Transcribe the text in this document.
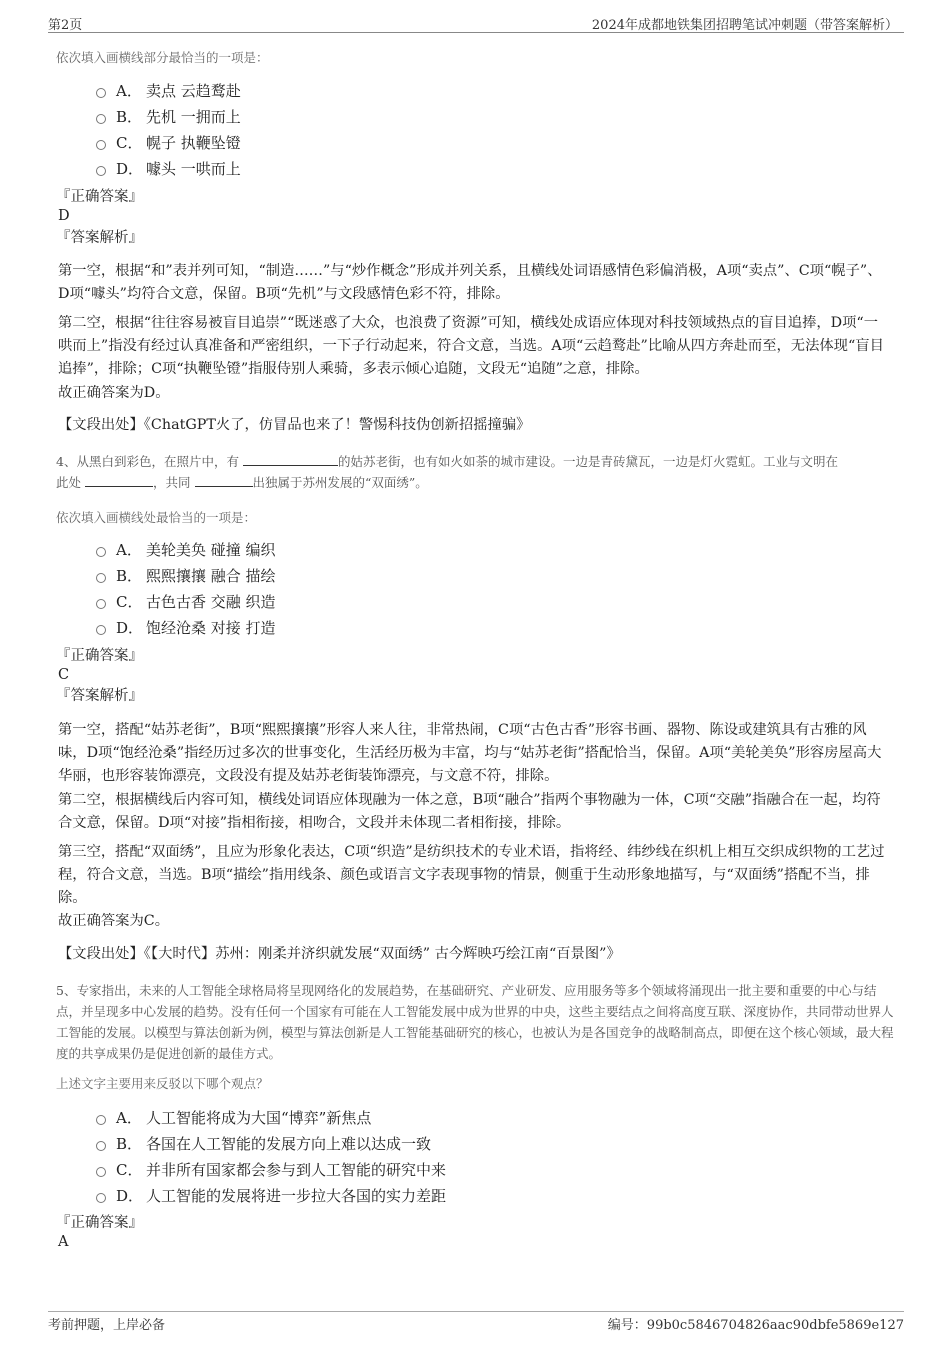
第2页	2024年成都地铁集团招聘笔试冲刺题（带答案解析）
依次填入画横线部分最恰当的一项是：
A． 卖点 云趋鹜赴
B． 先机 一拥而上
C． 幌子 执鞭坠镫
D． 噱头 一哄而上
『正确答案』
D
『答案解析』

第一空，根据“和”表并列可知，“制造……”与“炒作概念”形成并列关系，且横线处词语感情色彩偏消极，A项“卖点”、C项“幌子”、D项“噱头”均符合文意，保留。B项“先机”与文段感情色彩不符，排除。

第二空，根据“往往容易被盲目追崇”“既迷惑了大众，也浪费了资源”可知，横线处成语应体现对科技领域热点的盲目追捧，D项“一哄而上”指没有经过认真准备和严密组织，一下子行动起来，符合文意，当选。A项“云趋鹜赴”比喻从四方奔赴而至，无法体现“盲目追捧”，排除；C项“执鞭坠镫”指服侍别人乘骑，多表示倾心追随，文段无“追随”之意，排除。

故正确答案为D。

【文段出处】《ChatGPT火了，仿冒品也来了！警惕科技伪创新招摇撞骗》

4、从黑白到彩色，在照片中，有	的姑苏老街，也有如火如荼的城市建设。一边是青砖黛瓦，一边是灯火霓虹。工业与文明在
此处	，共同	出独属于苏州发展的“双面绣”。
依次填入画横线处最恰当的一项是：
A． 美轮美奂 碰撞 编织
B． 熙熙攘攘 融合 描绘
C． 古色古香 交融 织造
D． 饱经沧桑 对接 打造
『正确答案』
C
『答案解析』

第一空，搭配“姑苏老街”，B项“熙熙攘攘”形容人来人往，非常热闹，C项“古色古香”形容书画、器物、陈设或建筑具有古雅的风味，D项“饱经沧桑”指经历过多次的世事变化，生活经历极为丰富，均与“姑苏老街”搭配恰当，保留。A项“美轮美奂”形容房屋高大华丽，也形容装饰漂亮，文段没有提及姑苏老街装饰漂亮，与文意不符，排除。

第二空，根据横线后内容可知，横线处词语应体现融为一体之意，B项“融合”指两个事物融为一体，C项“交融”指融合在一起，均符合文意，保留。D项“对接”指相衔接，相吻合，文段并未体现二者相衔接，排除。

第三空，搭配“双面绣”，且应为形象化表达，C项“织造”是纺织技术的专业术语，指将经、纬纱线在织机上相互交织成织物的工艺过程，符合文意，当选。B项“描绘”指用线条、颜色或语言文字表现事物的情景，侧重于生动形象地描写，与“双面绣”搭配不当，排除。

故正确答案为C。

【文段出处】《【大时代】苏州：刚柔并济织就发展“双面绣” 古今辉映巧绘江南“百景图”》

5、专家指出，未来的人工智能全球格局将呈现网络化的发展趋势，在基础研究、产业研发、应用服务等多个领域将涌现出一批主要和重要的中心与结点，并呈现多中心发展的趋势。没有任何一个国家有可能在人工智能发展中成为世界的中央，这些主要结点之间将高度互联、深度协作，共同带动世界人工智能的发展。以模型与算法创新为例，模型与算法创新是人工智能基础研究的核心，也被认为是各国竞争的战略制高点，即便在这个核心领域，最大程度的共享成果仍是促进创新的最佳方式。
上述文字主要用来反驳以下哪个观点？
A． 人工智能将成为大国“博弈”新焦点
B． 各国在人工智能的发展方向上难以达成一致
C． 并非所有国家都会参与到人工智能的研究中来
D． 人工智能的发展将进一步拉大各国的实力差距
『正确答案』
A
考前押题，上岸必备	编号：99b0c5846704826aac90dbfe5869e127
